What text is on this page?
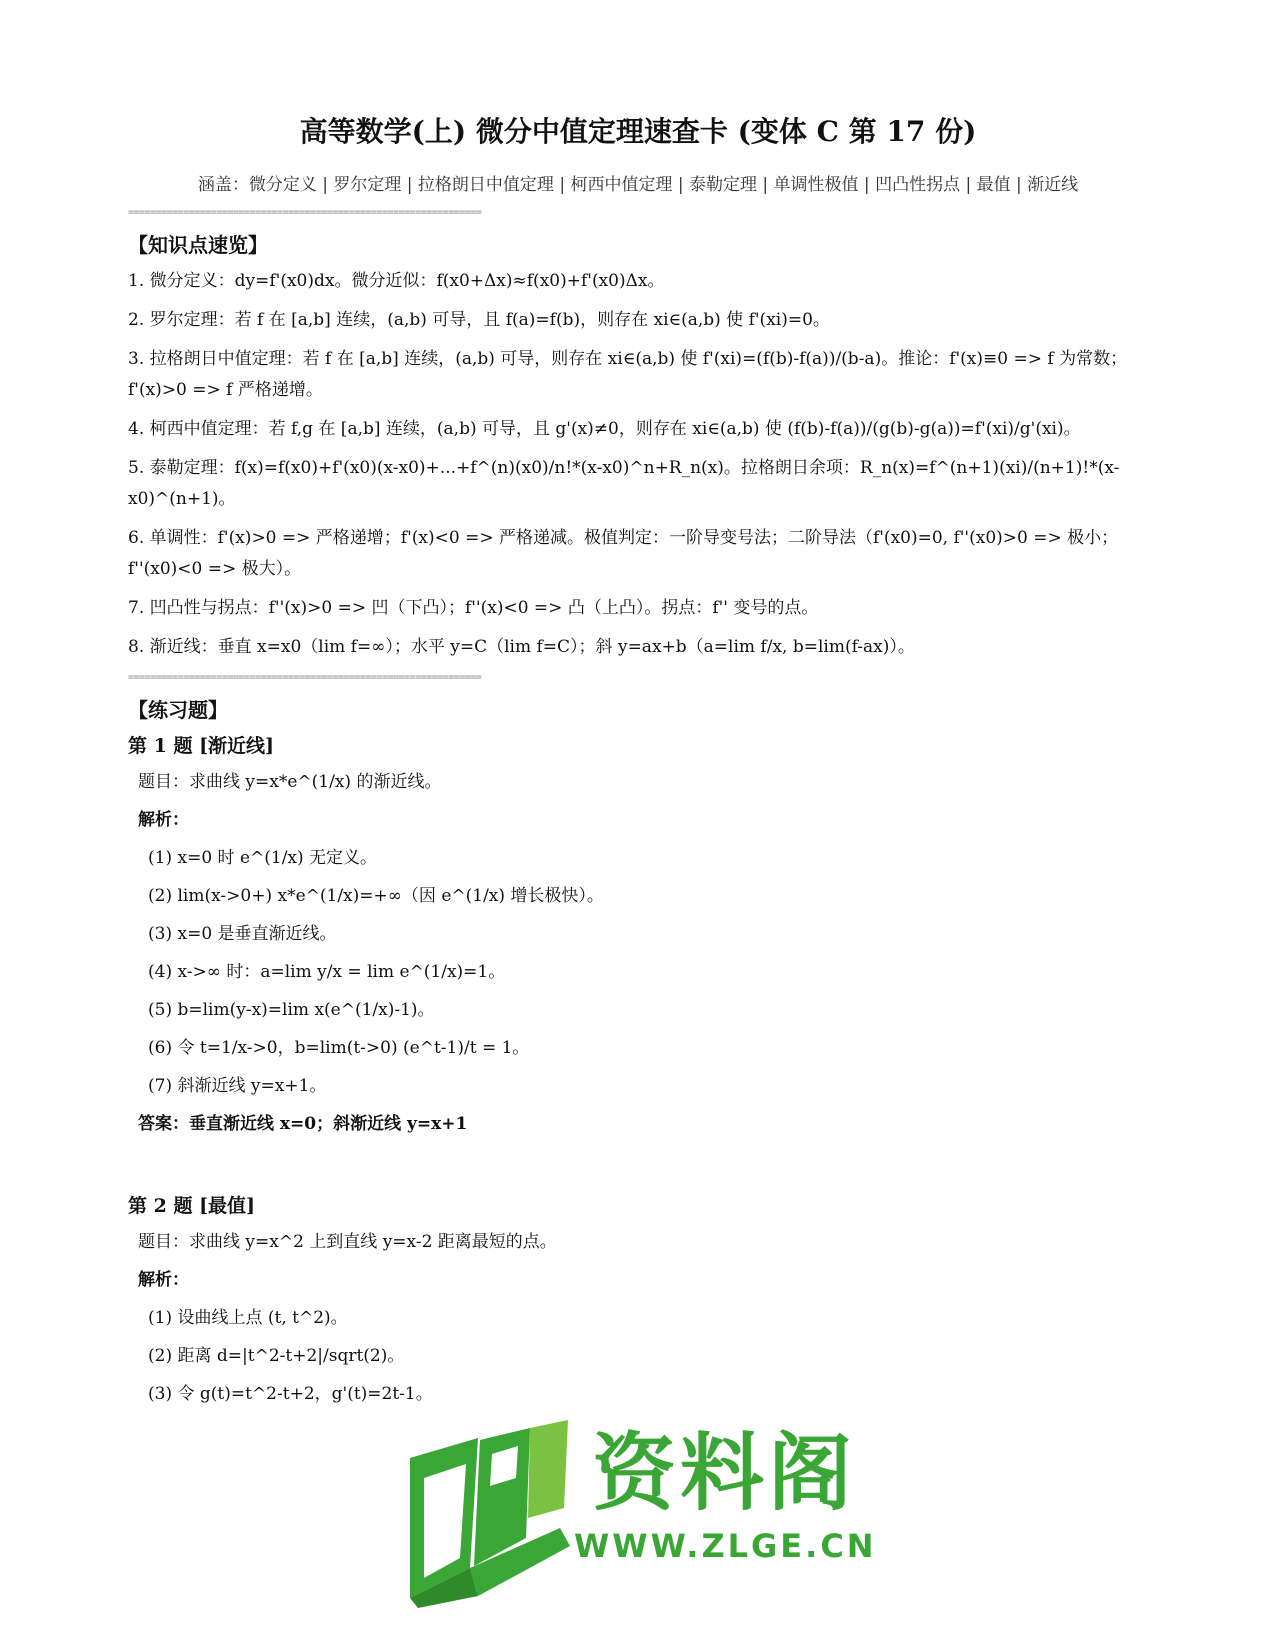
高等数学(上) 微分中值定理速查卡 (变体 C 第 17 份)
涵盖：微分定义 | 罗尔定理 | 拉格朗日中值定理 | 柯西中值定理 | 泰勒定理 | 单调性极值 | 凹凸性拐点 | 最值 | 渐近线
================================================================
【知识点速览】
1. 微分定义：dy=f'(x0)dx。微分近似：f(x0+Δx)≈f(x0)+f'(x0)Δx。
2. 罗尔定理：若 f 在 [a,b] 连续，(a,b) 可导，且 f(a)=f(b)，则存在 xi∈(a,b) 使 f'(xi)=0。
3. 拉格朗日中值定理：若 f 在 [a,b] 连续，(a,b) 可导，则存在 xi∈(a,b) 使 f'(xi)=(f(b)-f(a))/(b-a)。推论：f'(x)≡0 => f 为常数；f'(x)>0 => f 严格递增。
4. 柯西中值定理：若 f,g 在 [a,b] 连续，(a,b) 可导，且 g'(x)≠0，则存在 xi∈(a,b) 使 (f(b)-f(a))/(g(b)-g(a))=f'(xi)/g'(xi)。
5. 泰勒定理：f(x)=f(x0)+f'(x0)(x-x0)+...+f^(n)(x0)/n!*(x-x0)^n+R_n(x)。拉格朗日余项：R_n(x)=f^(n+1)(xi)/(n+1)!*(x-x0)^(n+1)。
6. 单调性：f'(x)>0 => 严格递增；f'(x)<0 => 严格递减。极值判定：一阶导变号法；二阶导法（f'(x0)=0, f''(x0)>0 => 极小；f''(x0)<0 => 极大）。
7. 凹凸性与拐点：f''(x)>0 => 凹（下凸）；f''(x)<0 => 凸（上凸）。拐点：f'' 变号的点。
8. 渐近线：垂直 x=x0（lim f=∞）；水平 y=C（lim f=C）；斜 y=ax+b（a=lim f/x, b=lim(f-ax)）。
================================================================
【练习题】
第 1 题 [渐近线]
题目：求曲线 y=x*e^(1/x) 的渐近线。
解析：
(1) x=0 时 e^(1/x) 无定义。
(2) lim(x->0+) x*e^(1/x)=+∞（因 e^(1/x) 增长极快）。
(3) x=0 是垂直渐近线。
(4) x->∞ 时：a=lim y/x = lim e^(1/x)=1。
(5) b=lim(y-x)=lim x(e^(1/x)-1)。
(6) 令 t=1/x->0，b=lim(t->0) (e^t-1)/t = 1。
(7) 斜渐近线 y=x+1。
答案：垂直渐近线 x=0；斜渐近线 y=x+1
第 2 题 [最值]
题目：求曲线 y=x^2 上到直线 y=x-2 距离最短的点。
解析：
(1) 设曲线上点 (t, t^2)。
(2) 距离 d=|t^2-t+2|/sqrt(2)。
(3) 令 g(t)=t^2-t+2，g'(t)=2t-1。
资料阁
WWW.ZLGE.CN
